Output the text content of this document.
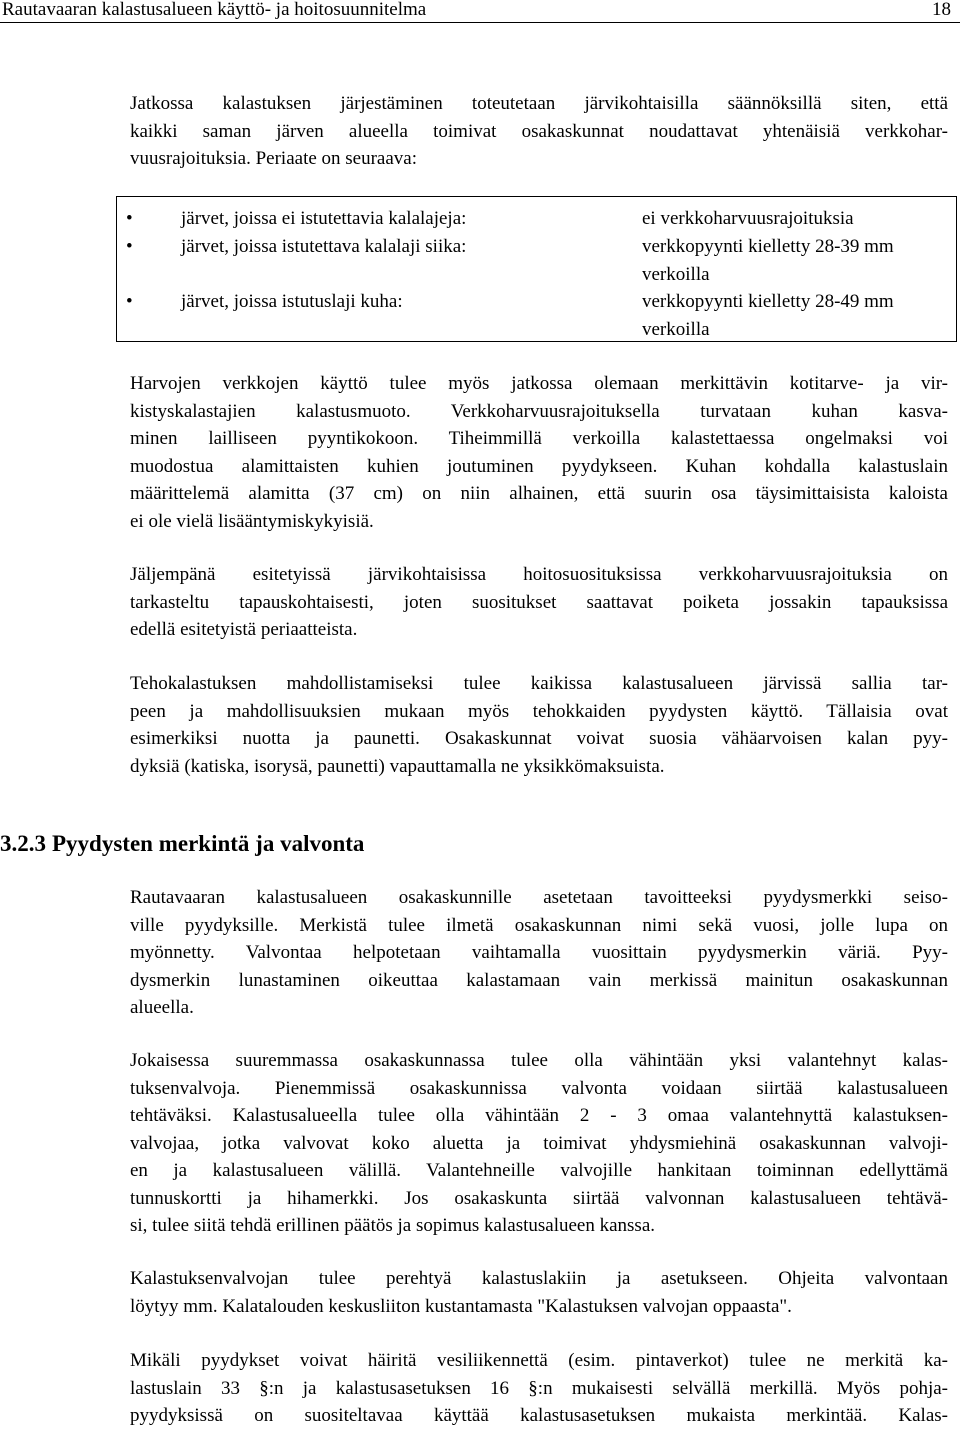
Rautavaaran kalastusalueen käyttö- ja hoitosuunnitelma	18

Jatkossa kalastuksen järjestäminen toteutetaan järvikohtaisilla säännöksillä siten, että
kaikki saman järven alueella toimivat osakaskunnat noudattavat yhtenäisiä verkkohar-
vuusrajoituksia. Periaate on seuraava:

•	järvet, joissa ei istutettavia kalalajeja:	ei verkkoharvuusrajoituksia
•	järvet, joissa istutettava kalalaji siika:	verkkopyynti kielletty 28-39 mm verkoilla
•	järvet, joissa istutuslaji kuha:	verkkopyynti kielletty 28-49 mm verkoilla

Harvojen verkkojen käyttö tulee myös jatkossa olemaan merkittävin kotitarve- ja vir-
kistyskalastajien kalastusmuoto. Verkkoharvuusrajoituksella turvataan kuhan kasva-
minen lailliseen pyyntikokoon. Tiheimmillä verkoilla kalastettaessa ongelmaksi voi
muodostua alamittaisten kuhien joutuminen pyydykseen. Kuhan kohdalla kalastuslain
määrittelemä alamitta (37 cm) on niin alhainen, että suurin osa täysimittaisista kaloista
ei ole vielä lisääntymiskykyisiä.

Jäljempänä esitetyissä järvikohtaisissa hoitosuosituksissa verkkoharvuusrajoituksia on
tarkasteltu tapauskohtaisesti, joten suositukset saattavat poiketa jossakin tapauksissa
edellä esitetyistä periaatteista.

Tehokalastuksen mahdollistamiseksi tulee kaikissa kalastusalueen järvissä sallia tar-
peen ja mahdollisuuksien mukaan myös tehokkaiden pyydysten käyttö. Tällaisia ovat
esimerkiksi nuotta ja paunetti. Osakaskunnat voivat suosia vähäarvoisen kalan pyy-
dyksiä (katiska, isorysä, paunetti) vapauttamalla ne yksikkömaksuista.

3.2.3 Pyydysten merkintä ja valvonta

Rautavaaran kalastusalueen osakaskunnille asetetaan tavoitteeksi pyydysmerkki seiso-
ville pyydyksille. Merkistä tulee ilmetä osakaskunnan nimi sekä vuosi, jolle lupa on
myönnetty. Valvontaa helpotetaan vaihtamalla vuosittain pyydysmerkin väriä. Pyy-
dysmerkin lunastaminen oikeuttaa kalastamaan vain merkissä mainitun osakaskunnan
alueella.

Jokaisessa suuremmassa osakaskunnassa tulee olla vähintään yksi valantehnyt kalas-
tuksenvalvoja. Pienemmissä osakaskunnissa valvonta voidaan siirtää kalastusalueen
tehtäväksi. Kalastusalueella tulee olla vähintään 2 - 3 omaa valantehnyttä kalastuksen-
valvojaa, jotka valvovat koko aluetta ja toimivat yhdysmiehinä osakaskunnan valvoji-
en ja kalastusalueen välillä. Valantehneille valvojille hankitaan toiminnan edellyttämä
tunnuskortti ja hihamerkki. Jos osakaskunta siirtää valvonnan kalastusalueen tehtävä-
si, tulee siitä tehdä erillinen päätös ja sopimus kalastusalueen kanssa.

Kalastuksenvalvojan tulee perehtyä kalastuslakiin ja asetukseen. Ohjeita valvontaan
löytyy mm. Kalatalouden keskusliiton kustantamasta "Kalastuksen valvojan oppaasta".

Mikäli pyydykset voivat häiritä vesiliikennettä (esim. pintaverkot) tulee ne merkitä ka-
lastuslain 33 §:n ja kalastusasetuksen 16 §:n mukaisesti selvällä merkillä. Myös pohja-
pyydyksissä on suositeltavaa käyttää kalastusasetuksen mukaista merkintää. Kalas-
